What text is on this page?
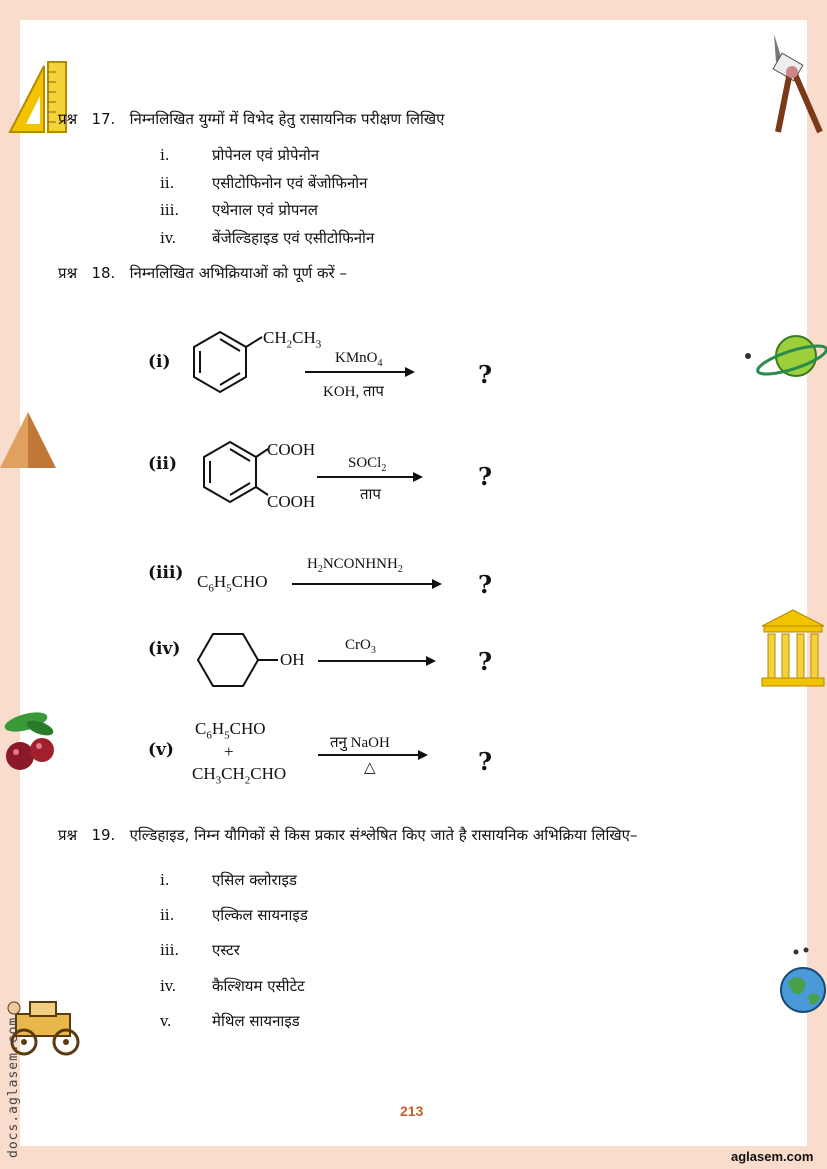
प्रश्न 17. निम्नलिखित युग्मों में विभेद हेतु रासायनिक परीक्षण लिखिए
i.	प्रोपेनल एवं प्रोपेनोन
ii.	एसीटोफिनोन एवं बेंजोफिनोन
iii. एथेनाल एवं प्रोपनल
iv. बेंजेल्डिहाइड एवं एसीटोफिनोन
प्रश्न 18. निम्नलिखित अभिक्रियाओं को पूर्ण करें –
(i)
$CH_2CH_3$
KMnO$_4$
KOH, ताप
?
(ii)
COOH
COOH
SOCl$_2$
ताप
?
(iii) $C_6H_5CHO$
$H_2NCONHNH_2$
?
(iv)
OH
CrO$_3$	?
(v)
$C_6H_5CHO$
+
$CH_3CH_2CHO$
तनु NaOH
△	?
प्रश्न 19. एल्डिहाइड, निम्न यौगिकों से किस प्रकार संश्लेषित किए जाते है रासायनिक अभिक्रिया लिखिए–
i.	एसिल क्लोराइड
ii.	एल्किल सायनाइड
iii. एस्टर
iv. कैल्शियम एसीटेट
v.	मेथिल सायनाइड
213
aglasem.com
docs.aglasem.com
